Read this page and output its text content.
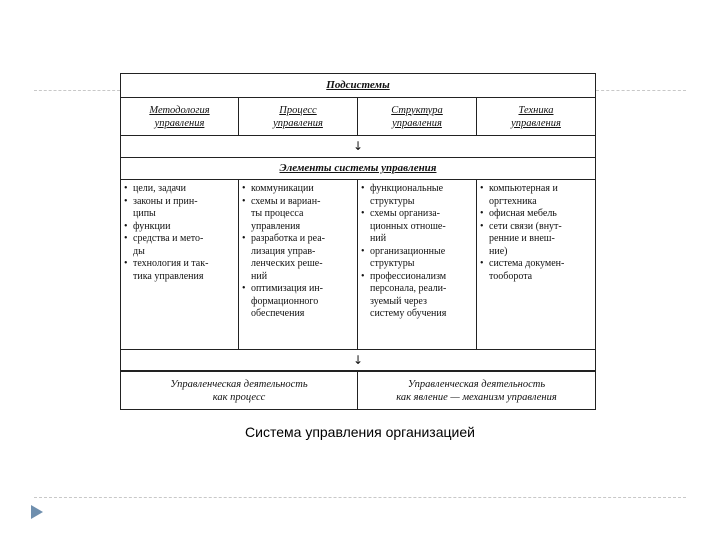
Подсистемы
Методология
управления
Процесс
управления
Структура
управления
Техника
управления
↓
Элементы системы управления
• цели, задачи
• законы и прин-
ципы
• функции
• средства и мето-
ды
• технология и так-
тика управления
• коммуникации
• схемы и вариан-
ты процесса
управления
• разработка и реа-
лизация управ-
ленческих реше-
ний
• оптимизация ин-
формационного
обеспечения
• функциональные
структуры
• схемы организа-
ционных отноше-
ний
• организационные
структуры
• профессионализм
персонала, реали-
зуемый через
систему обучения
• компьютерная и
оргтехника
• офисная мебель
• сети связи (внут-
ренние и внеш-
ние)
• система докумен-
тооборота
↓
Управленческая деятельность
как процесс
Управленческая деятельность
как явление — механизм управления
Система управления организацией
